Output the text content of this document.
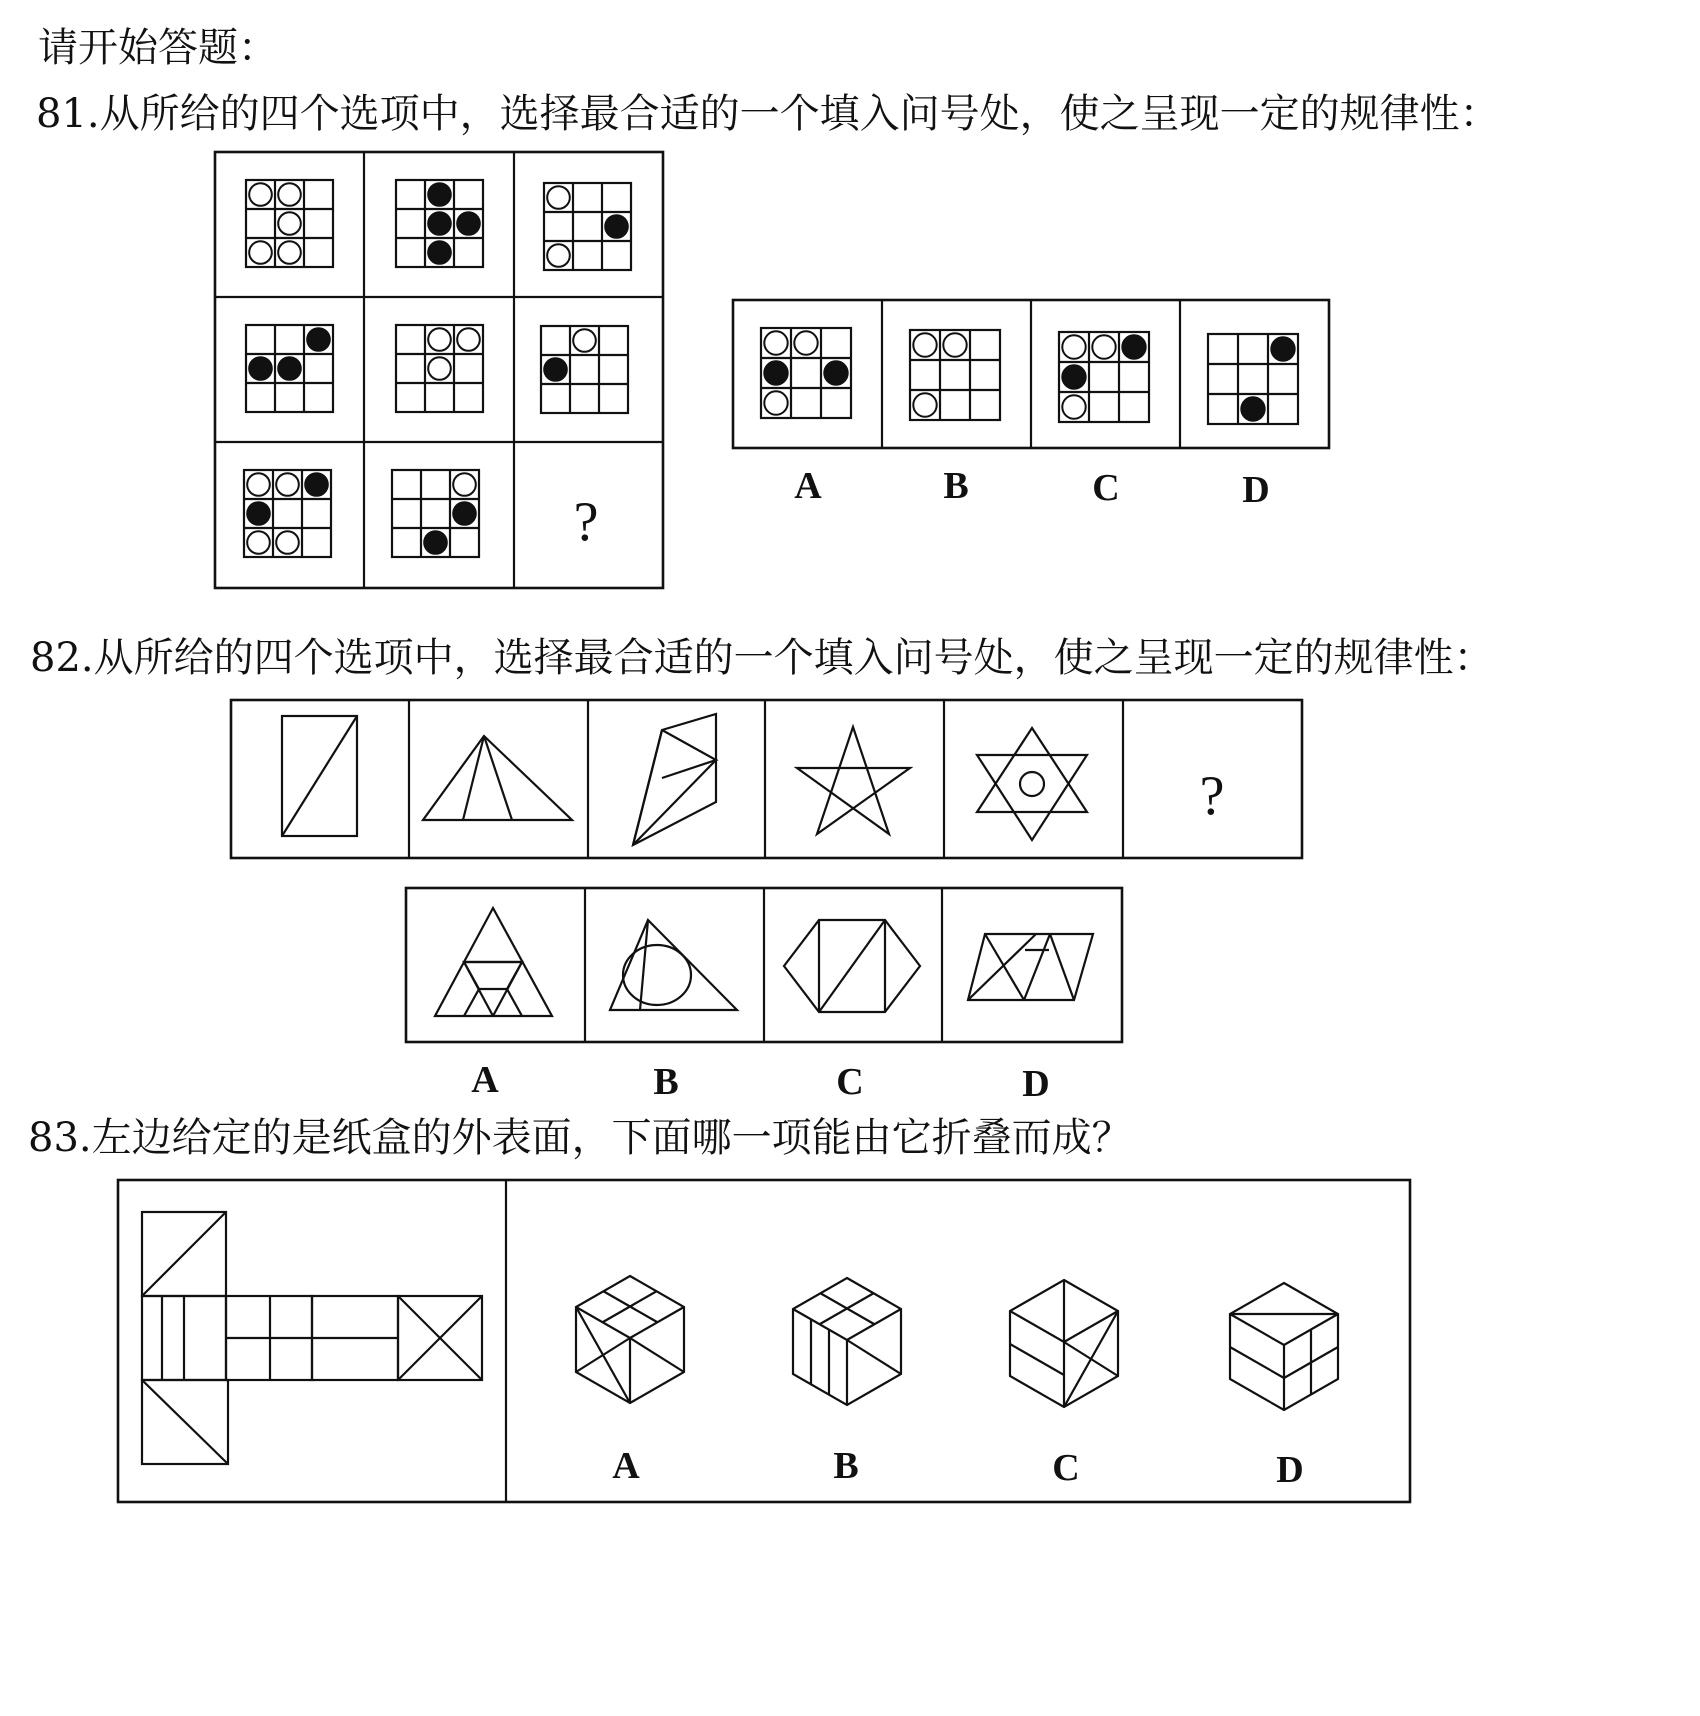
请开始答题：
81.从所给的四个选项中，选择最合适的一个填入问号处，使之呈现一定的规律性：
82.从所给的四个选项中，选择最合适的一个填入问号处，使之呈现一定的规律性：
83.左边给定的是纸盒的外表面，下面哪一项能由它折叠而成？
?
A	B	C	D
?
A	B	C	D
A	B	C	D
